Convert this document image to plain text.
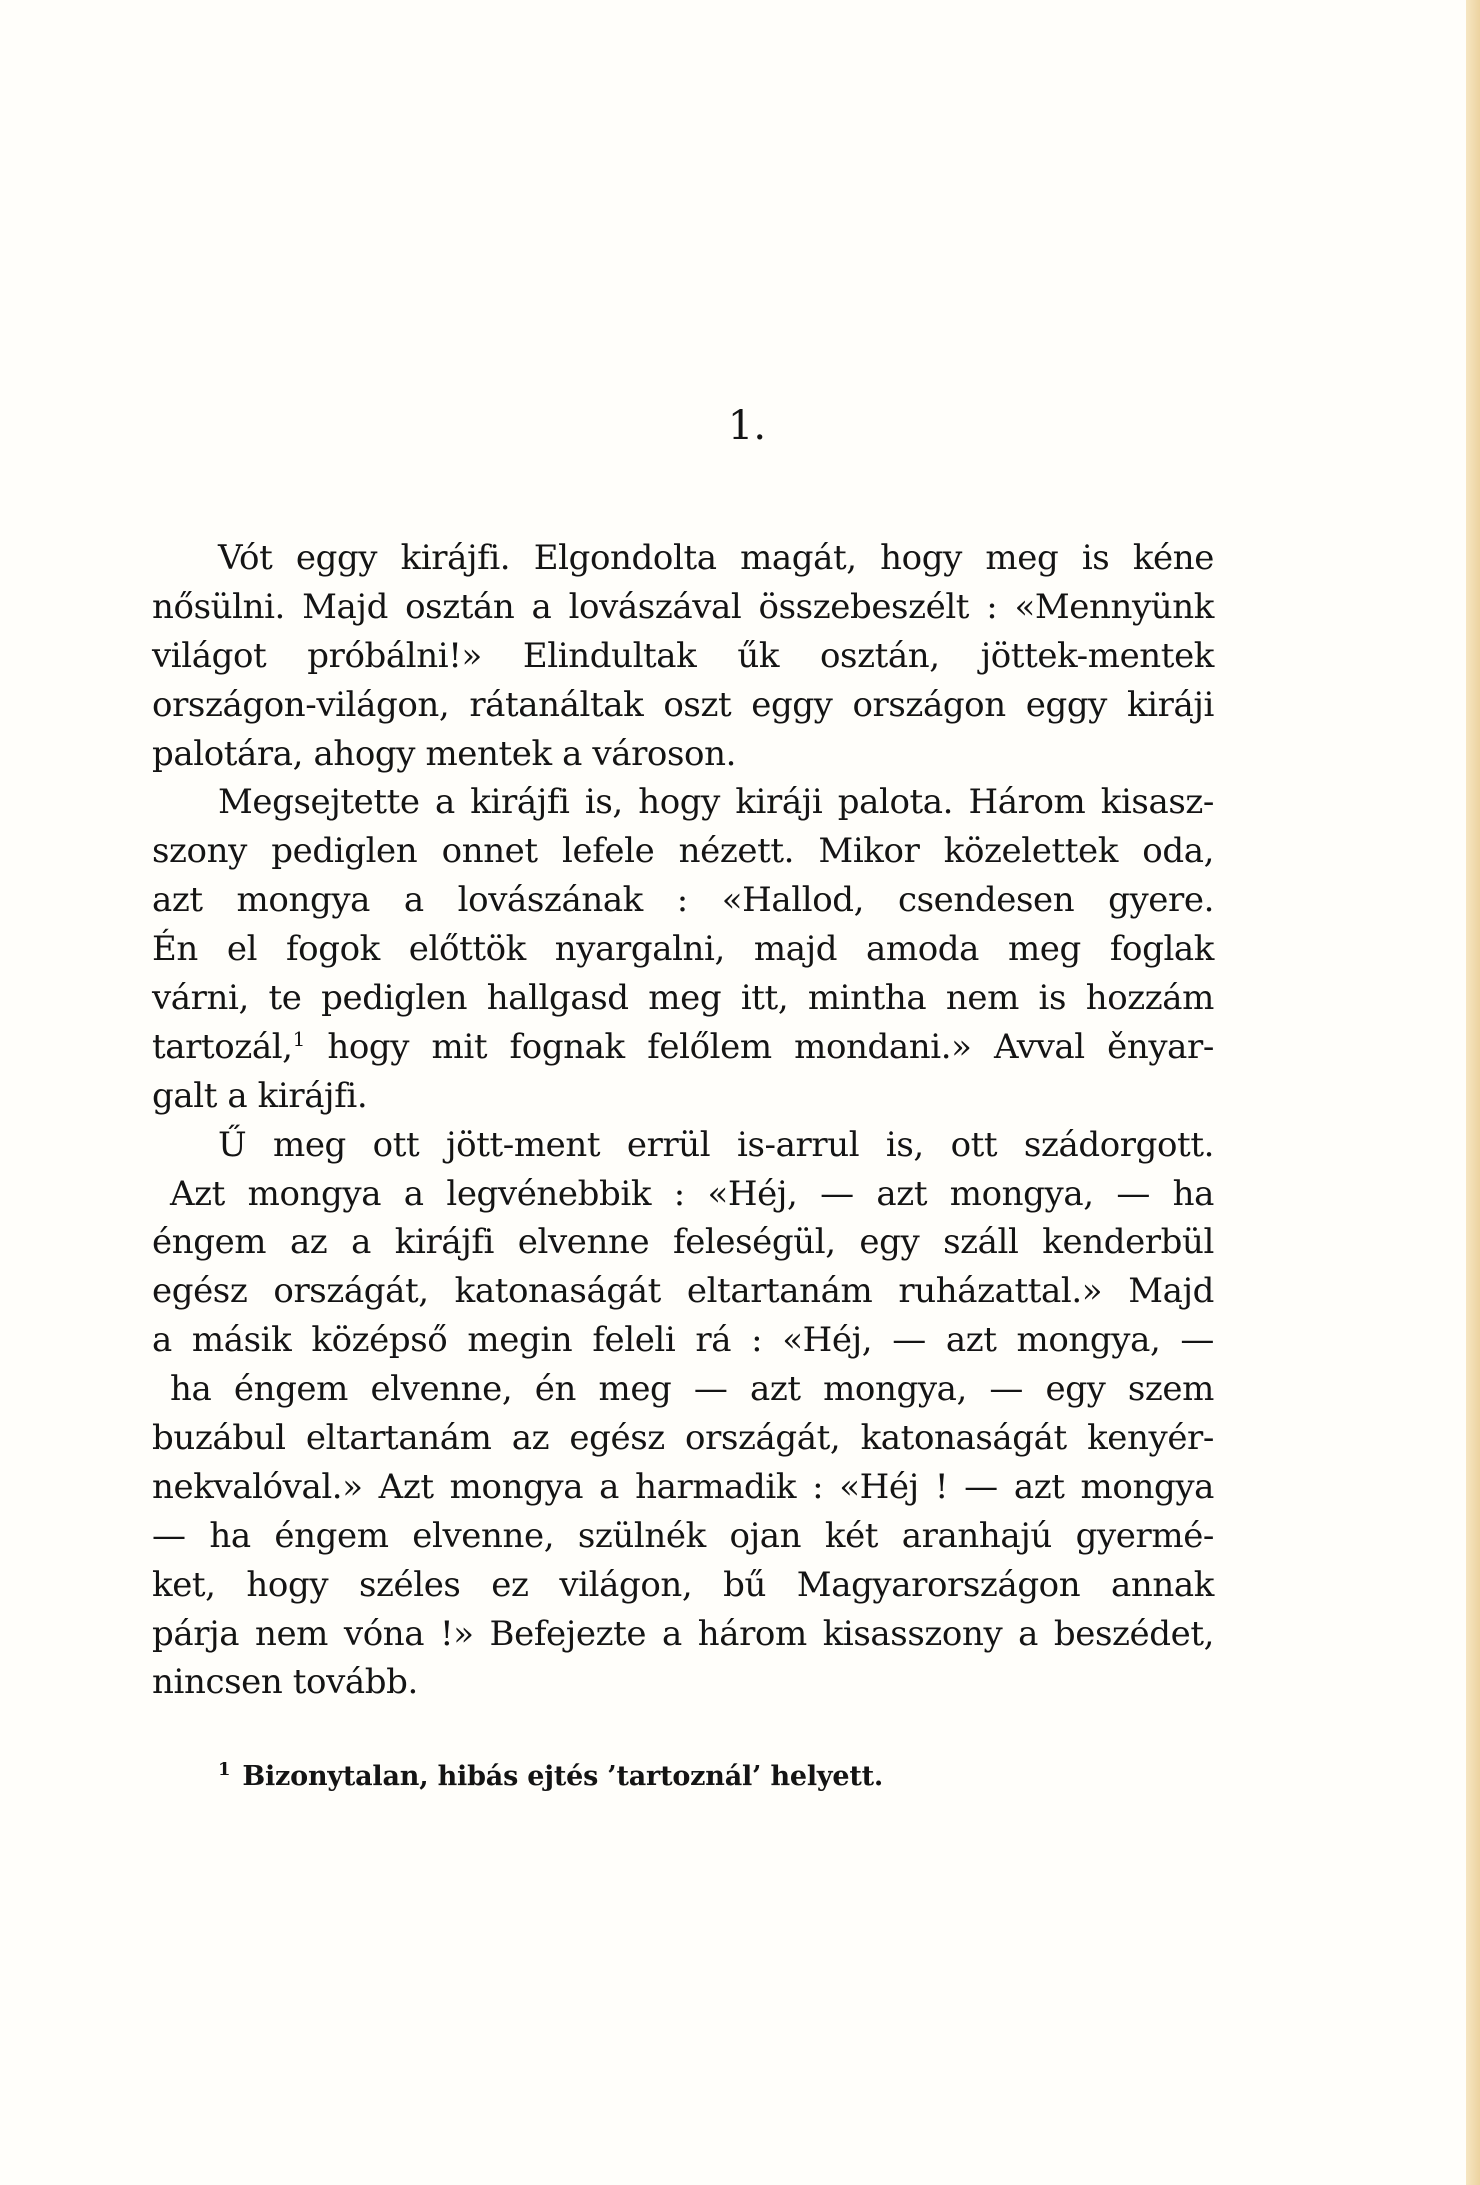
1.
Vót eggy kirájfi. Elgondolta magát, hogy meg is kéne
nősülni. Majd osztán a lovászával összebeszélt : «Mennyünk
világot próbálni!» Elindultak űk osztán, jöttek-mentek
országon-világon, rátanáltak oszt eggy országon eggy kiráji
palotára, ahogy mentek a városon.
Megsejtette a kirájfi is, hogy kiráji palota. Három kisasz-
szony pediglen onnet lefele nézett. Mikor közelettek oda,
azt mongya a lovászának : «Hallod, csendesen gyere.
Én el fogok előttök nyargalni, majd amoda meg foglak
várni, te pediglen hallgasd meg itt, mintha nem is hozzám
tartozál,$^1$ hogy mit fognak felőlem mondani.» Avval ěnyar-
galt a kirájfi.
Ű meg ott jött-ment errül is-arrul is, ott szádorgott.
Azt mongya a legvénebbik : «Héj, — azt mongya, — ha
éngem az a kirájfi elvenne feleségül, egy száll kenderbül
egész országát, katonaságát eltartanám ruházattal.» Majd
a másik középső megin feleli rá : «Héj, — azt mongya, —
ha éngem elvenne, én meg — azt mongya, — egy szem
buzábul eltartanám az egész országát, katonaságát kenyér-
nekvalóval.» Azt mongya a harmadik : «Héj ! — azt mongya
— ha éngem elvenne, szülnék ojan két aranhajú gyermé-
ket, hogy széles ez világon, bű Magyarországon annak
párja nem vóna !» Befejezte a három kisasszony a beszédet,
nincsen tovább.
$^1$ Bizonytalan, hibás ejtés ’tartoznál’ helyett.
